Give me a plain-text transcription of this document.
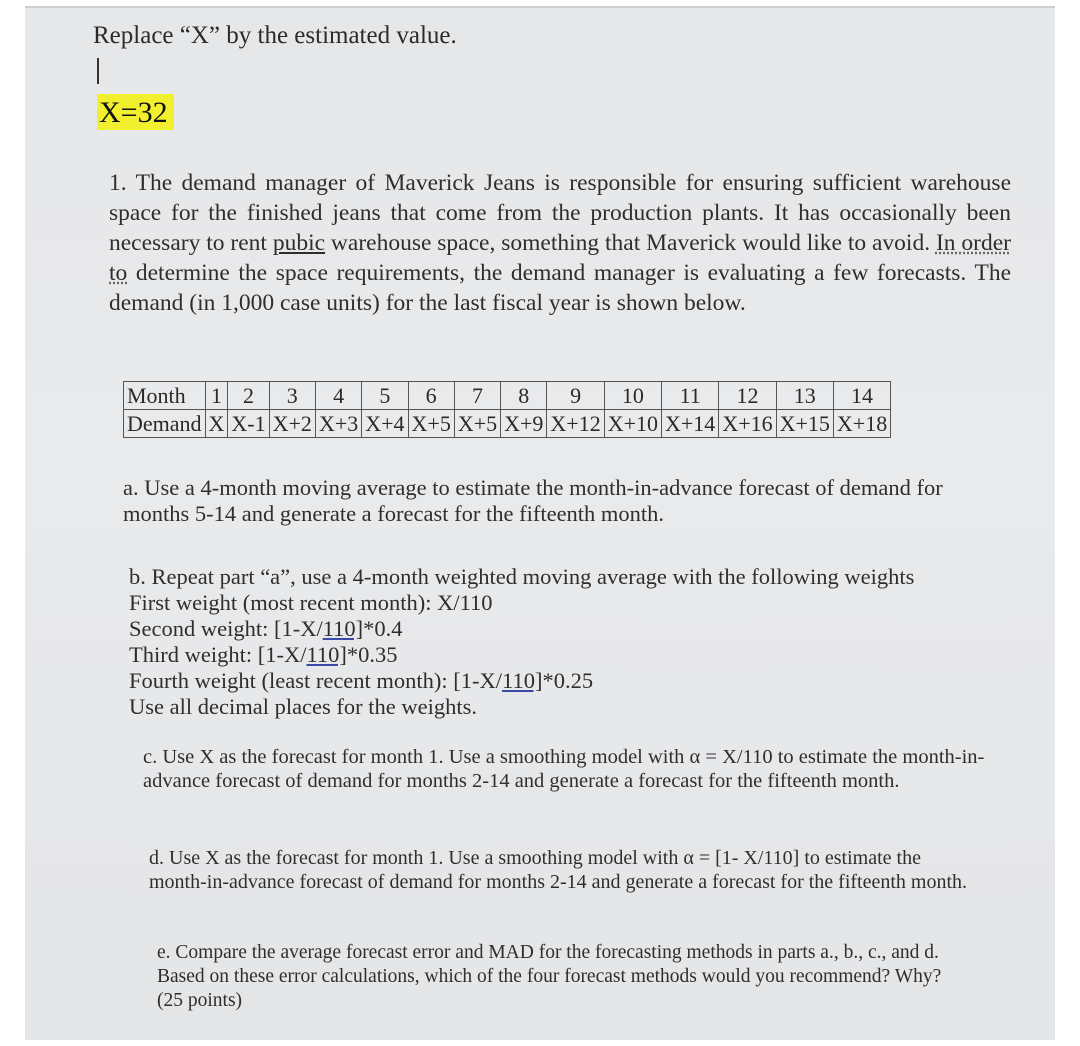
Replace “X” by the estimated value.
X=32
1. The demand manager of Maverick Jeans is responsible for ensuring sufficient warehouse space for the finished jeans that come from the production plants. It has occasionally been necessary to rent pubic warehouse space, something that Maverick would like to avoid. In order to determine the space requirements, the demand manager is evaluating a few forecasts. The demand (in 1,000 case units) for the last fiscal year is shown below.
Month	1	2	3	4	5	6	7	8	9	10	11	12	13	14
Demand	X	X-1	X+2	X+3	X+4	X+5	X+5	X+9	X+12	X+10	X+14	X+16	X+15	X+18
a. Use a 4-month moving average to estimate the month-in-advance forecast of demand for months 5-14 and generate a forecast for the fifteenth month.
b. Repeat part “a”, use a 4-month weighted moving average with the following weights
First weight (most recent month): X/110
Second weight: [1-X/110]*0.4
Third weight: [1-X/110]*0.35
Fourth weight (least recent month): [1-X/110]*0.25
Use all decimal places for the weights.
c. Use X as the forecast for month 1. Use a smoothing model with α = X/110 to estimate the month-in-advance forecast of demand for months 2-14 and generate a forecast for the fifteenth month.
d. Use X as the forecast for month 1. Use a smoothing model with α = [1- X/110] to estimate the month-in-advance forecast of demand for months 2-14 and generate a forecast for the fifteenth month.
e. Compare the average forecast error and MAD for the forecasting methods in parts a., b., c., and d. Based on these error calculations, which of the four forecast methods would you recommend? Why? (25 points)
